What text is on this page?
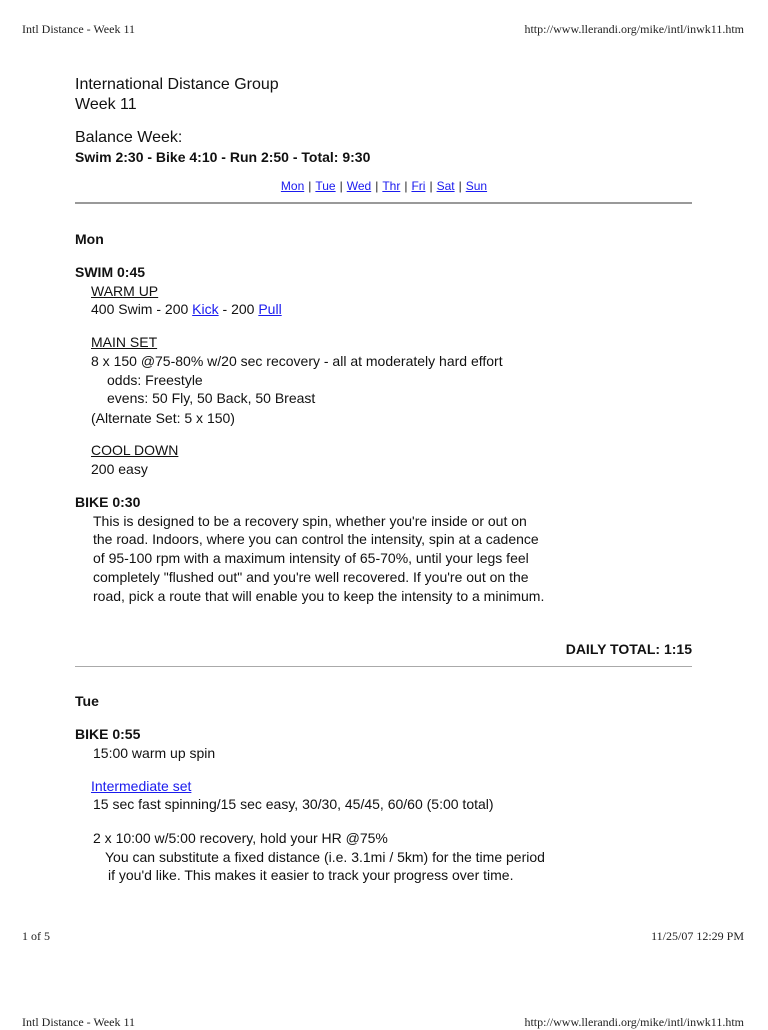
Intl Distance - Week 11	http://www.llerandi.org/mike/intl/inwk11.htm
International Distance Group
Week 11
Balance Week:
Swim 2:30 - Bike 4:10 - Run 2:50 - Total: 9:30
Mon | Tue | Wed | Thr | Fri | Sat | Sun
Mon
SWIM 0:45
WARM UP
400 Swim - 200 Kick - 200 Pull
MAIN SET
8 x 150 @75-80% w/20 sec recovery - all at moderately hard effort
odds: Freestyle
evens: 50 Fly, 50 Back, 50 Breast
(Alternate Set: 5 x 150)
COOL DOWN
200 easy
BIKE 0:30
This is designed to be a recovery spin, whether you're inside or out on
the road. Indoors, where you can control the intensity, spin at a cadence
of 95-100 rpm with a maximum intensity of 65-70%, until your legs feel
completely "flushed out" and you're well recovered. If you're out on the
road, pick a route that will enable you to keep the intensity to a minimum.
DAILY TOTAL: 1:15
Tue
BIKE 0:55
15:00 warm up spin
Intermediate set
15 sec fast spinning/15 sec easy, 30/30, 45/45, 60/60 (5:00 total)
2 x 10:00 w/5:00 recovery, hold your HR @75%
You can substitute a fixed distance (i.e. 3.1mi / 5km) for the time period
if you'd like. This makes it easier to track your progress over time.
1 of 5	11/25/07 12:29 PM
Intl Distance - Week 11	http://www.llerandi.org/mike/intl/inwk11.htm
